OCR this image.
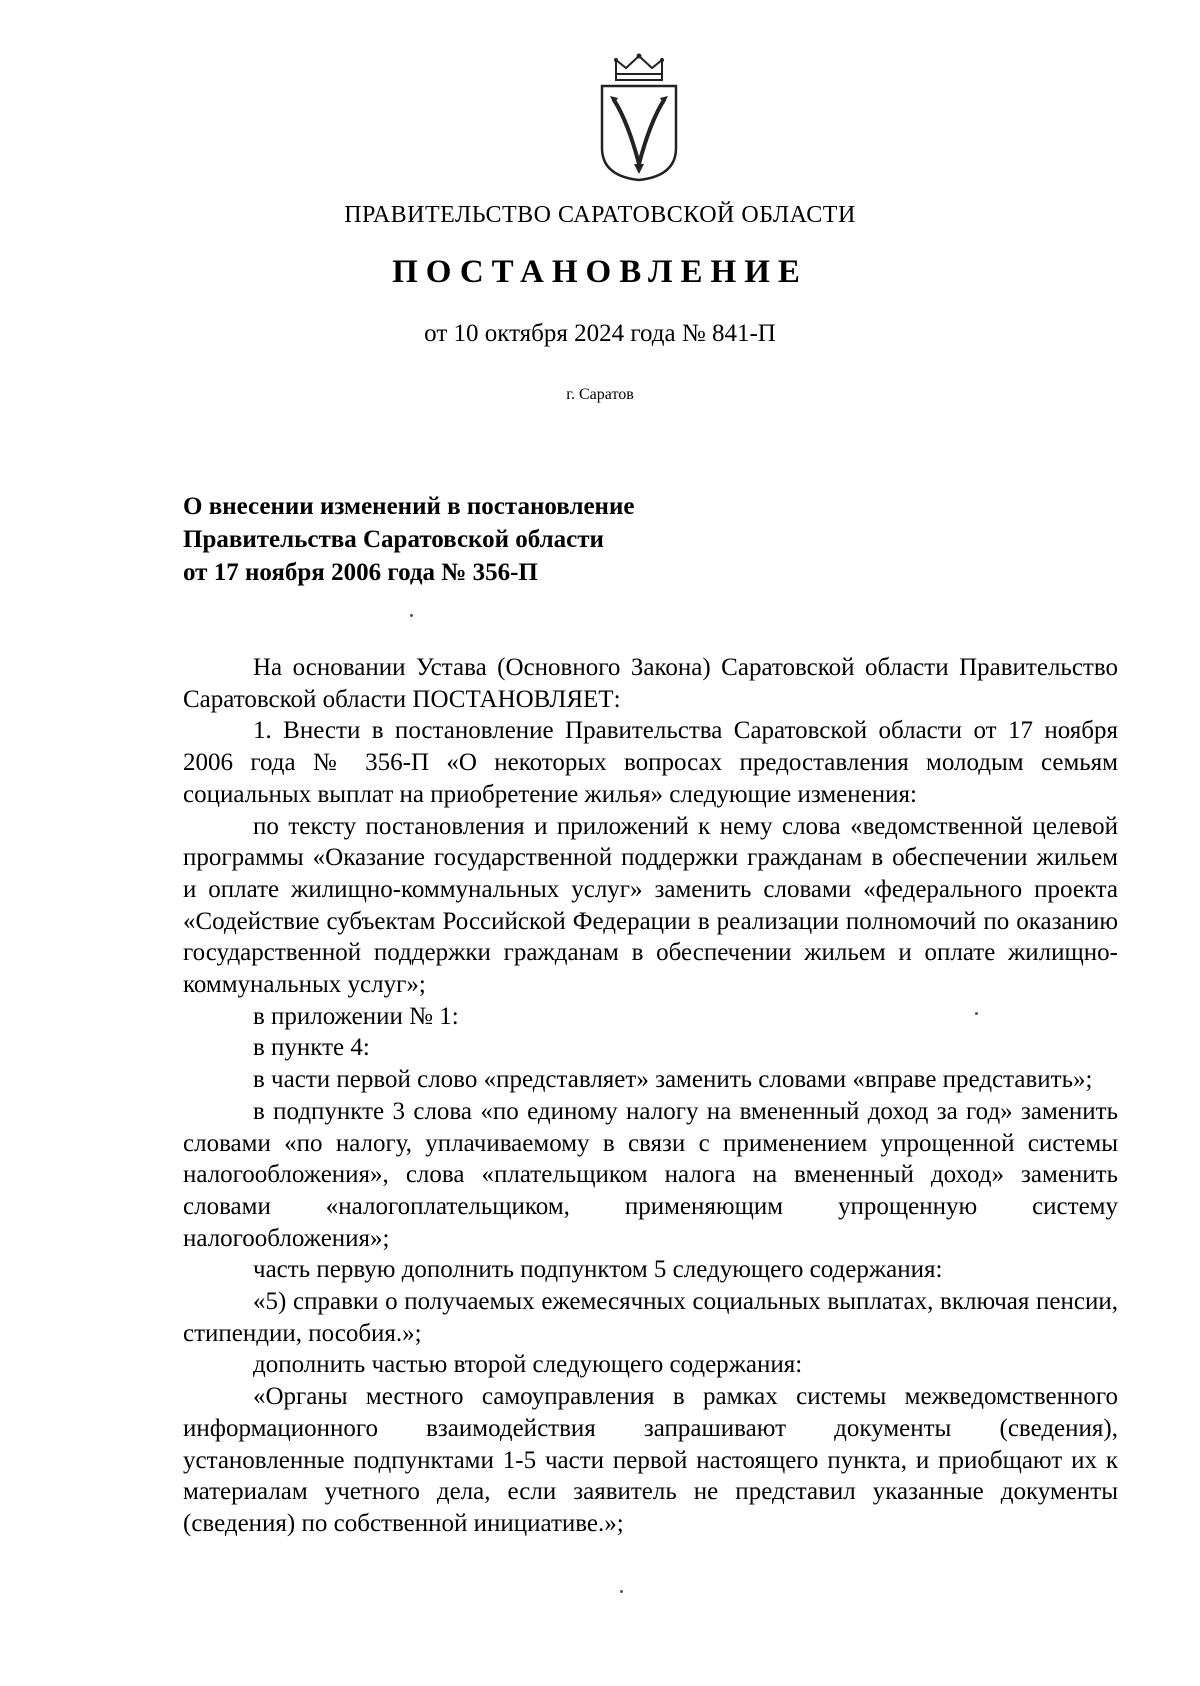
ПРАВИТЕЛЬСТВО САРАТОВСКОЙ ОБЛАСТИ
ПОСТАНОВЛЕНИЕ
от 10 октября 2024 года № 841-П
г. Саратов
О внесении изменений в постановление
Правительства Саратовской области
от 17 ноября 2006 года № 356-П

На основании Устава (Основного Закона) Саратовской области Правительство Саратовской области ПОСТАНОВЛЯЕТ:

1. Внести в постановление Правительства Саратовской области от 17 ноября 2006 года № 356-П «О некоторых вопросах предоставления молодым семьям социальных выплат на приобретение жилья» следующие изменения:

по тексту постановления и приложений к нему слова «ведомственной целевой программы «Оказание государственной поддержки гражданам в обеспечении жильем и оплате жилищно-коммунальных услуг» заменить словами «федерального проекта «Содействие субъектам Российской Федерации в реализации полномочий по оказанию государственной поддержки гражданам в обеспечении жильем и оплате жилищно-коммунальных услуг»;

в приложении № 1:

в пункте 4:

в части первой слово «представляет» заменить словами «вправе представить»;

в подпункте 3 слова «по единому налогу на вмененный доход за год» заменить словами «по налогу, уплачиваемому в связи с применением упрощенной системы налогообложения», слова «плательщиком налога на вмененный доход» заменить словами «налогоплательщиком, применяющим упрощенную систему налогообложения»;

часть первую дополнить подпунктом 5 следующего содержания:

«5) справки о получаемых ежемесячных социальных выплатах, включая пенсии, стипендии, пособия.»;

дополнить частью второй следующего содержания:

«Органы местного самоуправления в рамках системы межведомственного информационного взаимодействия запрашивают документы (сведения), установленные подпунктами 1-5 части первой настоящего пункта, и приобщают их к материалам учетного дела, если заявитель не представил указанные документы (сведения) по собственной инициативе.»;
